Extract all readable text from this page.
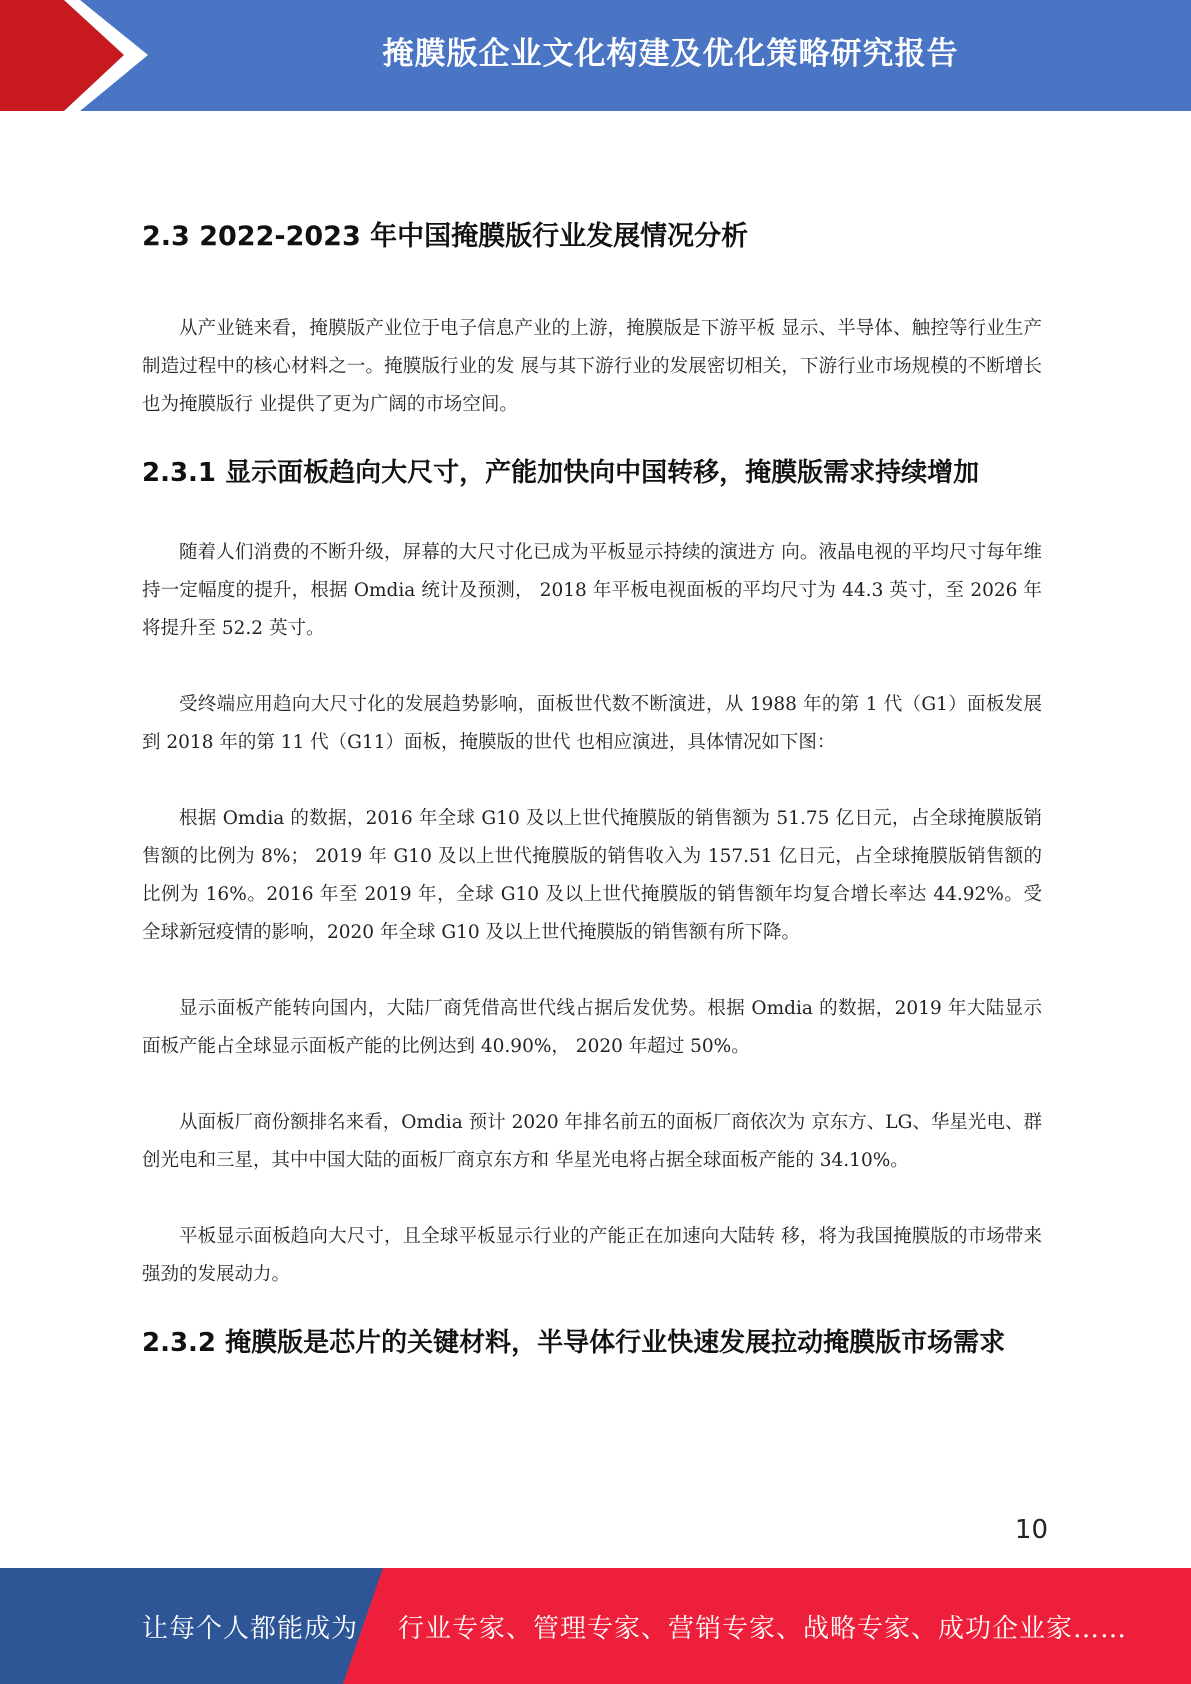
掩膜版企业文化构建及优化策略研究报告
2.3 2022-2023 年中国掩膜版行业发展情况分析

从产业链来看，掩膜版产业位于电子信息产业的上游，掩膜版是下游平板 显示、半导体、触控等行业生产制造过程中的核心材料之一。掩膜版行业的发 展与其下游行业的发展密切相关，下游行业市场规模的不断增长也为掩膜版行 业提供了更为广阔的市场空间。

2.3.1 显示面板趋向大尺寸，产能加快向中国转移，掩膜版需求持续增加

随着人们消费的不断升级，屏幕的大尺寸化已成为平板显示持续的演进方 向。液晶电视的平均尺寸每年维持一定幅度的提升，根据 Omdia 统计及预测， 2018 年平板电视面板的平均尺寸为 44.3 英寸，至 2026 年将提升至 52.2 英寸。

受终端应用趋向大尺寸化的发展趋势影响，面板世代数不断演进，从 1988 年的第 1 代（G1）面板发展到 2018 年的第 11 代（G11）面板，掩膜版的世代 也相应演进，具体情况如下图：

根据 Omdia 的数据，2016 年全球 G10 及以上世代掩膜版的销售额为 51.75 亿日元，占全球掩膜版销售额的比例为 8%； 2019 年 G10 及以上世代掩膜版的销售收入为 157.51 亿日元，占全球掩膜版销售额的比例为 16%。2016 年至 2019 年，全球 G10 及以上世代掩膜版的销售额年均复合增长率达 44.92%。受 全球新冠疫情的影响，2020 年全球 G10 及以上世代掩膜版的销售额有所下降。

显示面板产能转向国内，大陆厂商凭借高世代线占据后发优势。根据 Omdia 的数据，2019 年大陆显示面板产能占全球显示面板产能的比例达到 40.90%， 2020 年超过 50%。

从面板厂商份额排名来看，Omdia 预计 2020 年排名前五的面板厂商依次为 京东方、LG、华星光电、群创光电和三星，其中中国大陆的面板厂商京东方和 华星光电将占据全球面板产能的 34.10%。

平板显示面板趋向大尺寸，且全球平板显示行业的产能正在加速向大陆转 移，将为我国掩膜版的市场带来强劲的发展动力。

2.3.2 掩膜版是芯片的关键材料，半导体行业快速发展拉动掩膜版市场需求
10
让每个人都能成为 行业专家、管理专家、营销专家、战略专家、成功企业家……
